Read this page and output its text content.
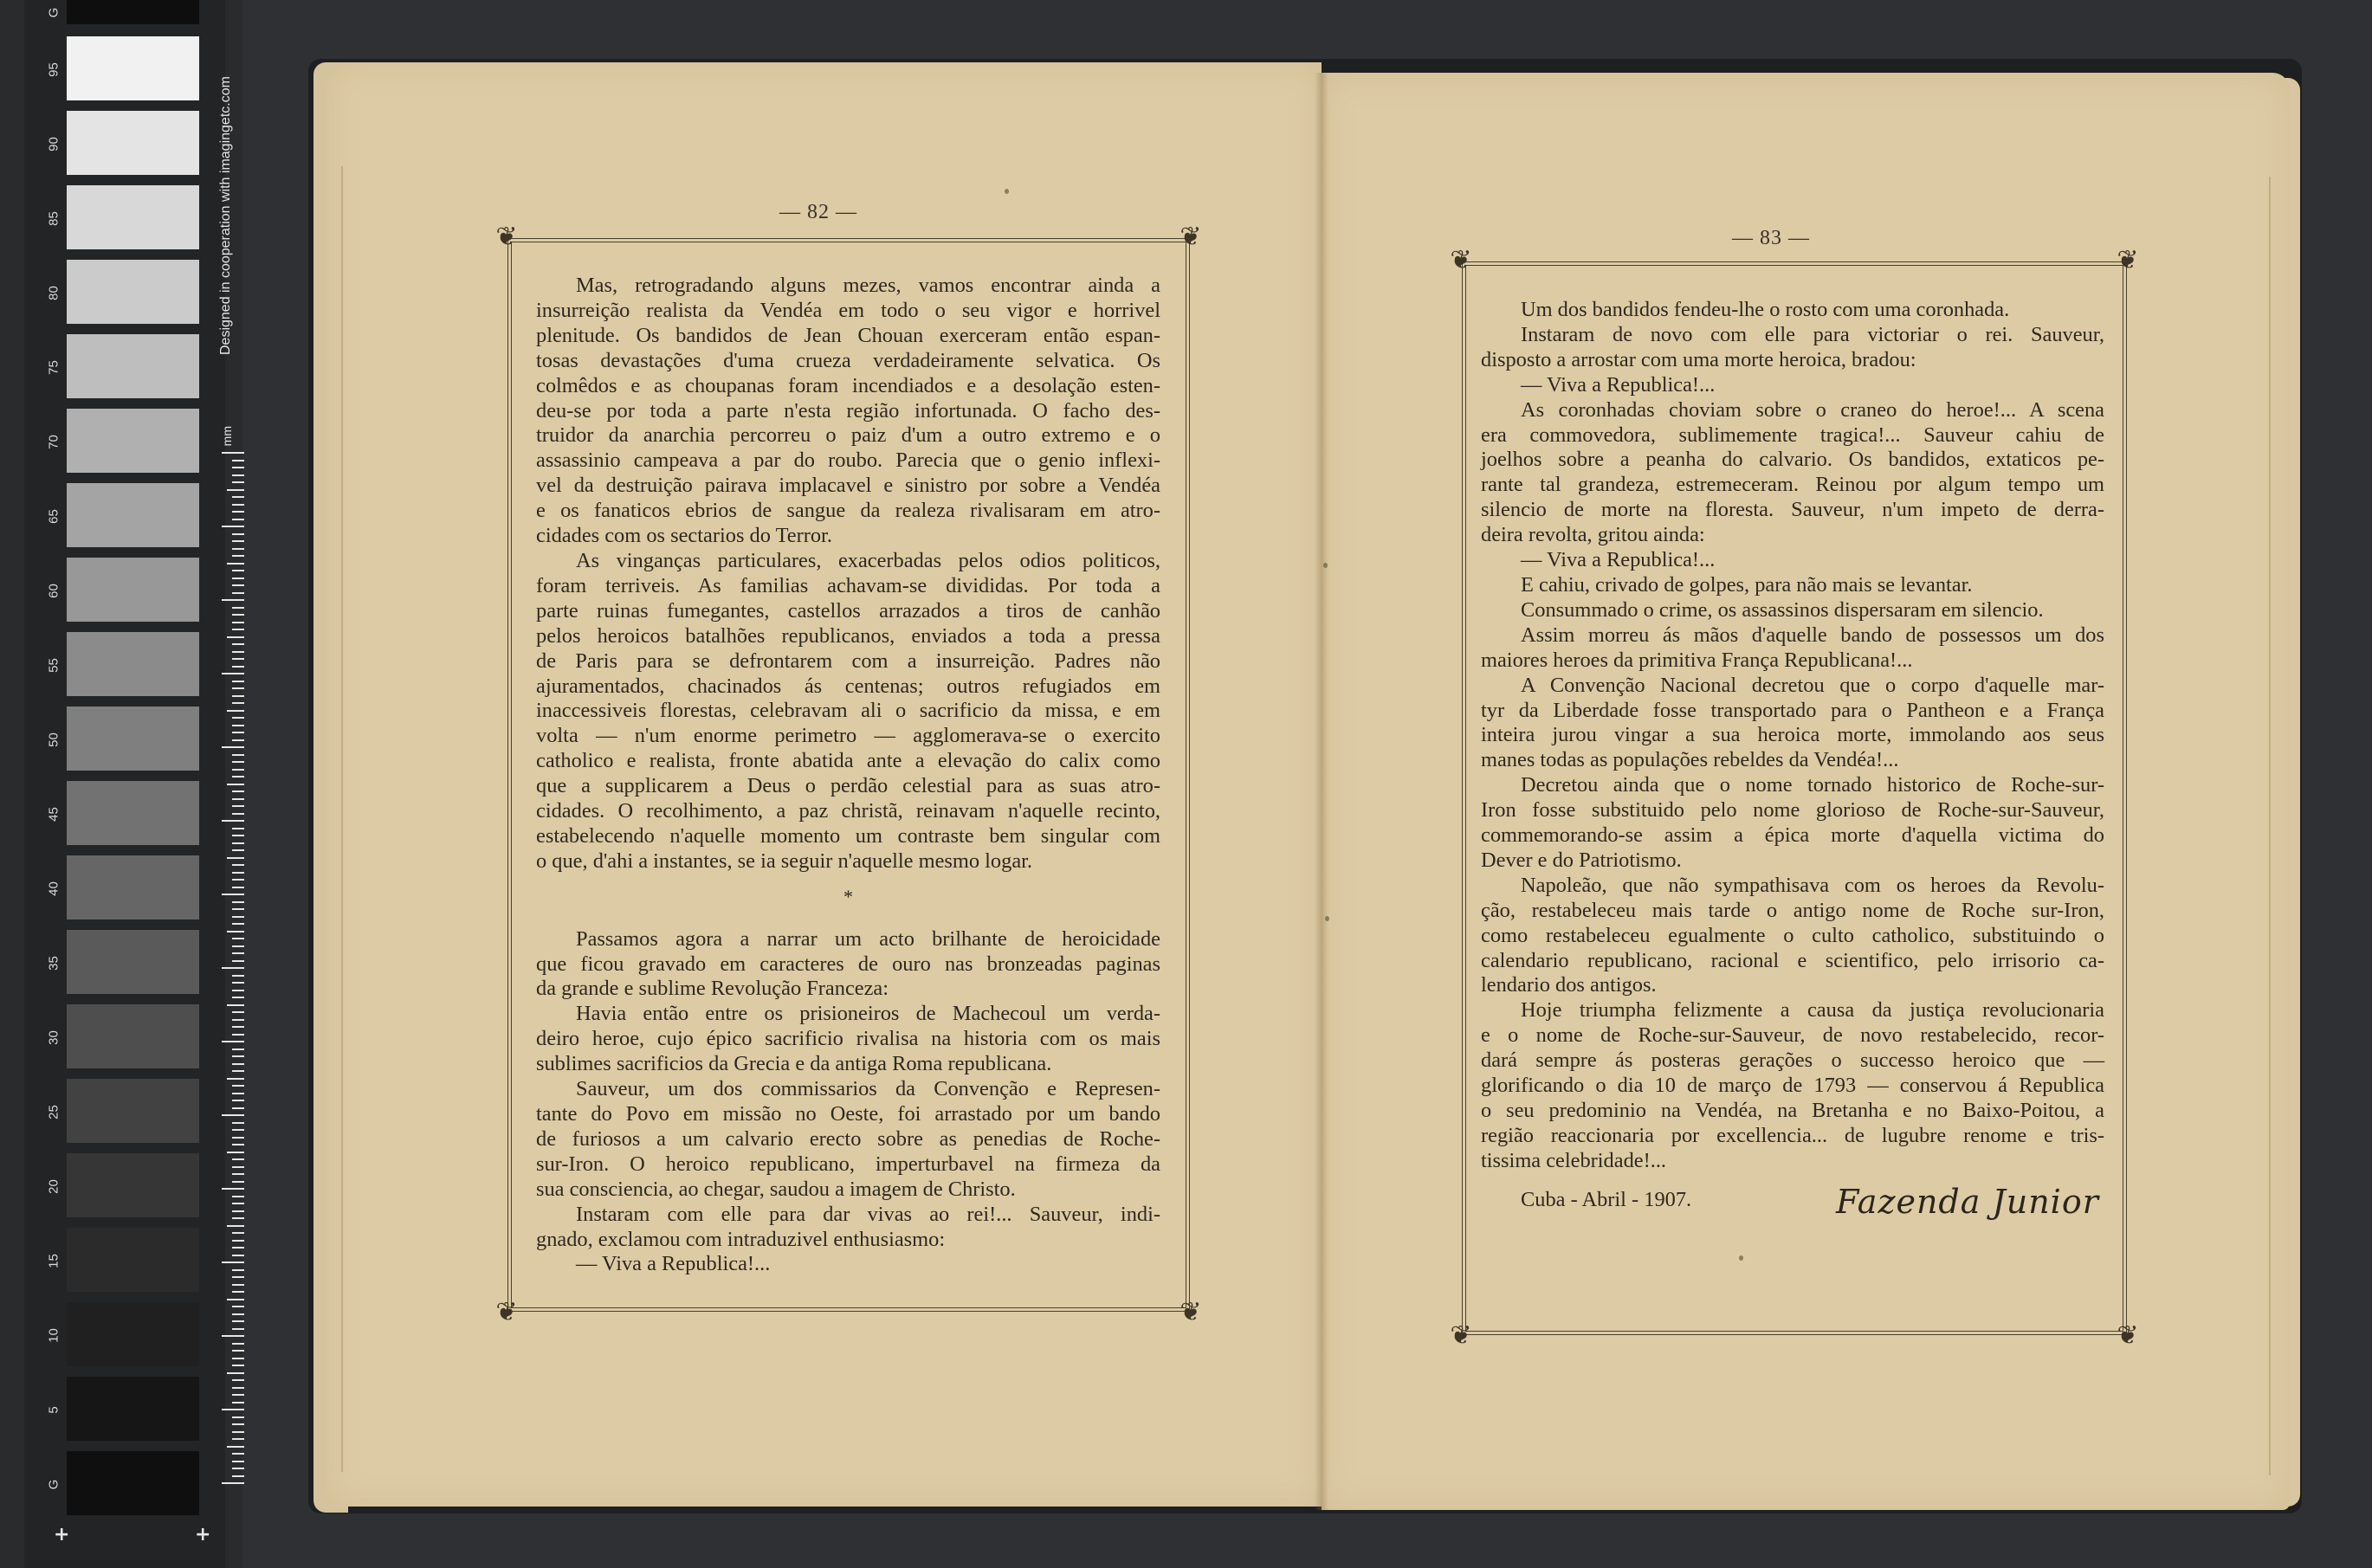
G
95
90
85
80
75
70
65
60
55
50
45
40
35
30
25
20
15
10
5
G
Designed in cooperation with imagingetc.com
mm
+	+
— 82 —
❦	❦
❦	❦

Mas, retrogradando alguns mezes, vamos encontrar ainda a
insurreição realista da Vendéa em todo o seu vigor e horrivel
plenitude. Os bandidos de Jean Chouan exerceram então espan-
tosas devastações d'uma crueza verdadeiramente selvatica. Os
colmêdos e as choupanas foram incendiados e a desolação esten-
deu-se por toda a parte n'esta região infortunada. O facho des-
truidor da anarchia percorreu o paiz d'um a outro extremo e o
assassinio campeava a par do roubo. Parecia que o genio inflexi-
vel da destruição pairava implacavel e sinistro por sobre a Vendéa
e os fanaticos ebrios de sangue da realeza rivalisaram em atro-
cidades com os sectarios do Terror.

As vinganças particulares, exacerbadas pelos odios politicos,
foram terriveis. As familias achavam-se divididas. Por toda a
parte ruinas fumegantes, castellos arrazados a tiros de canhão
pelos heroicos batalhões republicanos, enviados a toda a pressa
de Paris para se defrontarem com a insurreição. Padres não
ajuramentados, chacinados ás centenas; outros refugiados em
inaccessiveis florestas, celebravam ali o sacrificio da missa, e em
volta — n'um enorme perimetro — agglomerava-se o exercito
catholico e realista, fronte abatida ante a elevação do calix como
que a supplicarem a Deus o perdão celestial para as suas atro-
cidades. O recolhimento, a paz christã, reinavam n'aquelle recinto,
estabelecendo n'aquelle momento um contraste bem singular com
o que, d'ahi a instantes, se ia seguir n'aquelle mesmo logar.

*

Passamos agora a narrar um acto brilhante de heroicidade
que ficou gravado em caracteres de ouro nas bronzeadas paginas
da grande e sublime Revolução Franceza:

Havia então entre os prisioneiros de Machecoul um verda-
deiro heroe, cujo épico sacrificio rivalisa na historia com os mais
sublimes sacrificios da Grecia e da antiga Roma republicana.

Sauveur, um dos commissarios da Convenção e Represen-
tante do Povo em missão no Oeste, foi arrastado por um bando
de furiosos a um calvario erecto sobre as penedias de Roche-
sur-Iron. O heroico republicano, imperturbavel na firmeza da
sua consciencia, ao chegar, saudou a imagem de Christo.

Instaram com elle para dar vivas ao rei!... Sauveur, indi-
gnado, exclamou com intraduzivel enthusiasmo:

— Viva a Republica!...

— 83 —
❦	❦
❦	❦

Um dos bandidos fendeu-lhe o rosto com uma coronhada.

Instaram de novo com elle para victoriar o rei. Sauveur,
disposto a arrostar com uma morte heroica, bradou:

— Viva a Republica!...

As coronhadas choviam sobre o craneo do heroe!... A scena
era commovedora, sublimemente tragica!... Sauveur cahiu de
joelhos sobre a peanha do calvario. Os bandidos, extaticos pe-
rante tal grandeza, estremeceram. Reinou por algum tempo um
silencio de morte na floresta. Sauveur, n'um impeto de derra-
deira revolta, gritou ainda:

— Viva a Republica!...

E cahiu, crivado de golpes, para não mais se levantar.

Consummado o crime, os assassinos dispersaram em silencio.

Assim morreu ás mãos d'aquelle bando de possessos um dos
maiores heroes da primitiva França Republicana!...

A Convenção Nacional decretou que o corpo d'aquelle mar-
tyr da Liberdade fosse transportado para o Pantheon e a França
inteira jurou vingar a sua heroica morte, immolando aos seus
manes todas as populações rebeldes da Vendéa!...

Decretou ainda que o nome tornado historico de Roche-sur-
Iron fosse substituido pelo nome glorioso de Roche-sur-Sauveur,
commemorando-se assim a épica morte d'aquella victima do
Dever e do Patriotismo.

Napoleão, que não sympathisava com os heroes da Revolu-
ção, restabeleceu mais tarde o antigo nome de Roche sur-Iron,
como restabeleceu egualmente o culto catholico, substituindo o
calendario republicano, racional e scientifico, pelo irrisorio ca-
lendario dos antigos.

Hoje triumpha felizmente a causa da justiça revolucionaria
e o nome de Roche-sur-Sauveur, de novo restabelecido, recor-
dará sempre ás posteras gerações o successo heroico que —
glorificando o dia 10 de março de 1793 — conservou á Republica
o seu predominio na Vendéa, na Bretanha e no Baixo-Poitou, a
região reaccionaria por excellencia... de lugubre renome e tris-
tissima celebridade!...

Cuba - Abril - 1907.	Fazenda Junior
